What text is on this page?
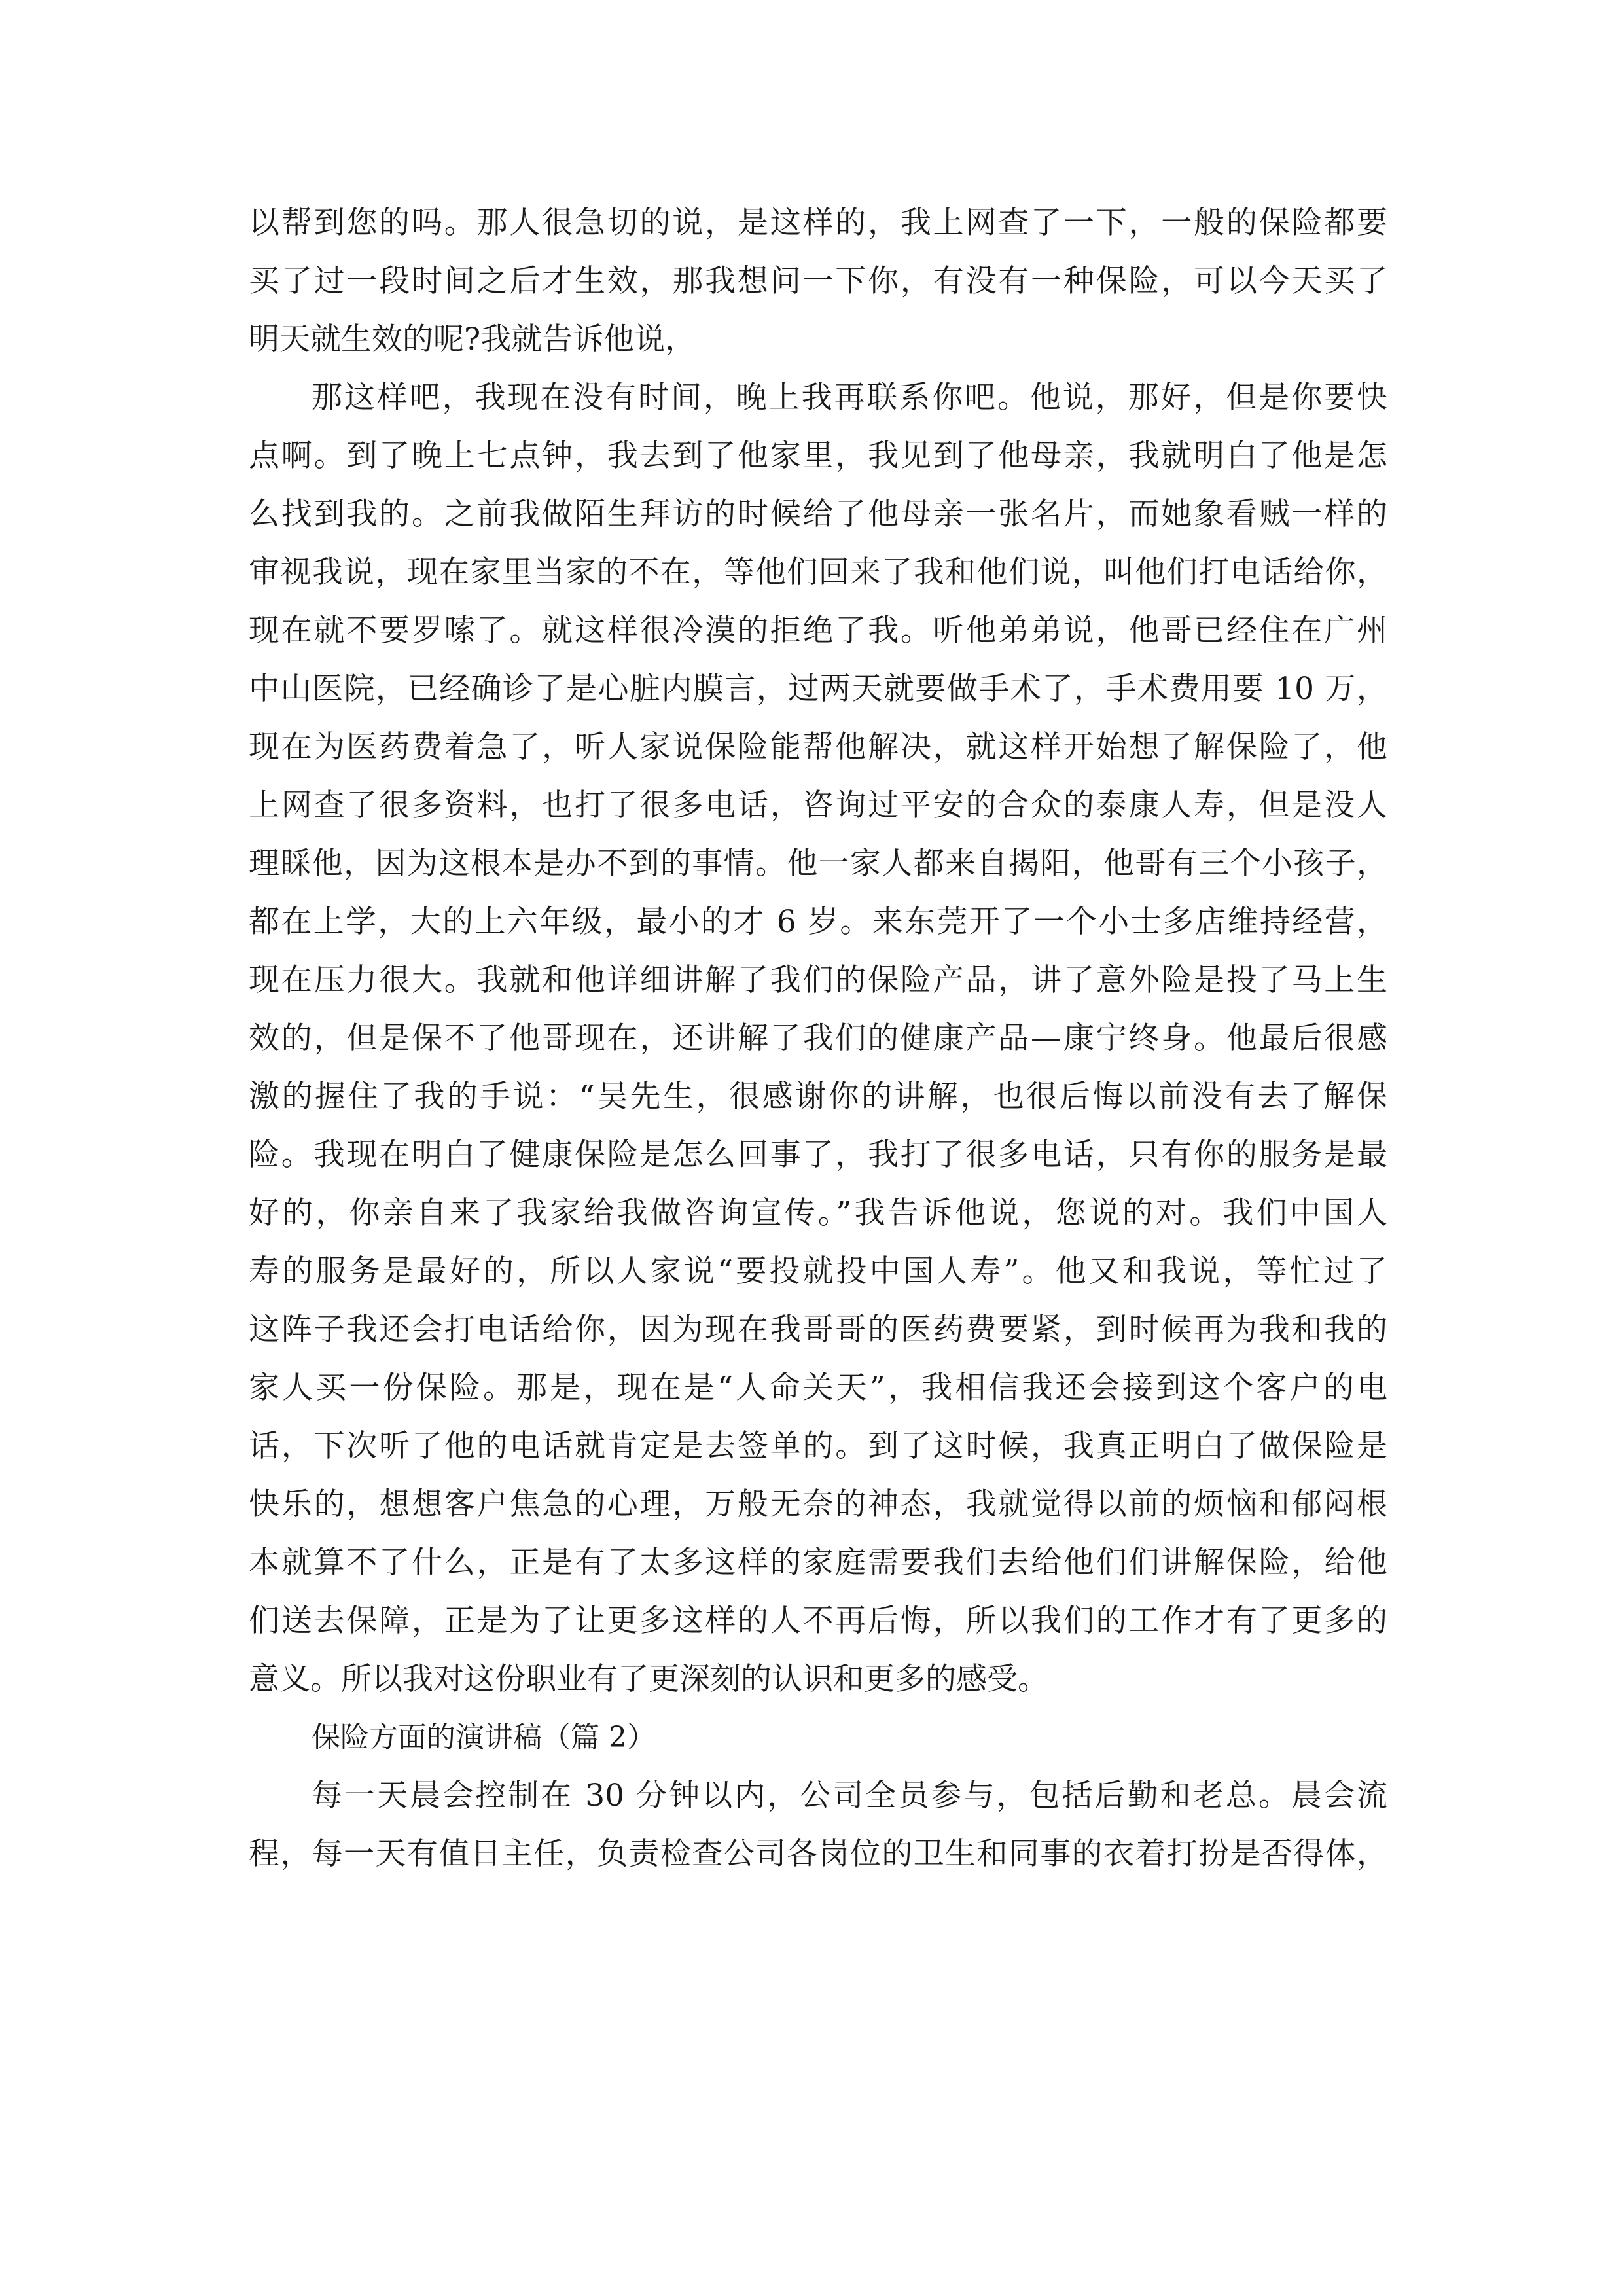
以帮到您的吗。那人很急切的说，是这样的，我上网查了一下，一般的保险都要
买了过一段时间之后才生效，那我想问一下你，有没有一种保险，可以今天买了
明天就生效的呢?我就告诉他说，
那这样吧，我现在没有时间，晚上我再联系你吧。他说，那好，但是你要快
点啊。到了晚上七点钟，我去到了他家里，我见到了他母亲，我就明白了他是怎
么找到我的。之前我做陌生拜访的时候给了他母亲一张名片，而她象看贼一样的
审视我说，现在家里当家的不在，等他们回来了我和他们说，叫他们打电话给你，
现在就不要罗嗦了。就这样很冷漠的拒绝了我。听他弟弟说，他哥已经住在广州
中山医院，已经确诊了是心脏内膜言，过两天就要做手术了，手术费用要 10 万，
现在为医药费着急了，听人家说保险能帮他解决，就这样开始想了解保险了，他
上网查了很多资料，也打了很多电话，咨询过平安的合众的泰康人寿，但是没人
理睬他，因为这根本是办不到的事情。他一家人都来自揭阳，他哥有三个小孩子，
都在上学，大的上六年级，最小的才 6 岁。来东莞开了一个小士多店维持经营，
现在压力很大。我就和他详细讲解了我们的保险产品，讲了意外险是投了马上生
效的，但是保不了他哥现在，还讲解了我们的健康产品—康宁终身。他最后很感
激的握住了我的手说：“吴先生，很感谢你的讲解，也很后悔以前没有去了解保
险。我现在明白了健康保险是怎么回事了，我打了很多电话，只有你的服务是最
好的，你亲自来了我家给我做咨询宣传。”我告诉他说，您说的对。我们中国人
寿的服务是最好的，所以人家说“要投就投中国人寿”。他又和我说，等忙过了
这阵子我还会打电话给你，因为现在我哥哥的医药费要紧，到时候再为我和我的
家人买一份保险。那是，现在是“人命关天”，我相信我还会接到这个客户的电
话，下次听了他的电话就肯定是去签单的。到了这时候，我真正明白了做保险是
快乐的，想想客户焦急的心理，万般无奈的神态，我就觉得以前的烦恼和郁闷根
本就算不了什么，正是有了太多这样的家庭需要我们去给他们们讲解保险，给他
们送去保障，正是为了让更多这样的人不再后悔，所以我们的工作才有了更多的
意义。所以我对这份职业有了更深刻的认识和更多的感受。
保险方面的演讲稿（篇 2）
每一天晨会控制在 30 分钟以内，公司全员参与，包括后勤和老总。晨会流
程，每一天有值日主任，负责检查公司各岗位的卫生和同事的衣着打扮是否得体，
